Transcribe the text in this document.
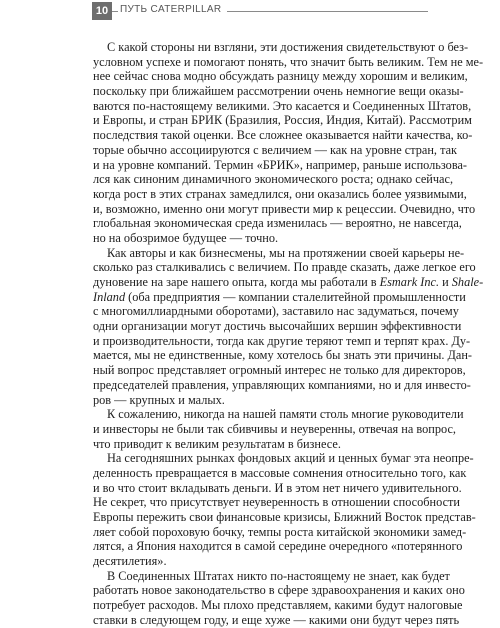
10	ПУТЬ CATERPILLAR
С какой стороны ни взгляни, эти достижения свидетельствуют о без-
условном успехе и помогают понять, что значит быть великим. Тем не ме-
нее сейчас снова модно обсуждать разницу между хорошим и великим,
поскольку при ближайшем рассмотрении очень немногие вещи оказы-
ваются по-настоящему великими. Это касается и Соединенных Штатов,
и Европы, и стран БРИК (Бразилия, Россия, Индия, Китай). Рассмотрим
последствия такой оценки. Все сложнее оказывается найти качества, ко-
торые обычно ассоциируются с величием — как на уровне стран, так
и на уровне компаний. Термин «БРИК», например, раньше использова-
лся как синоним динамичного экономического роста; однако сейчас,
когда рост в этих странах замедлился, они оказались более уязвимыми,
и, возможно, именно они могут привести мир к рецессии. Очевидно, что
глобальная экономическая среда изменилась — вероятно, не навсегда,
но на обозримое будущее — точно.
Как авторы и как бизнесмены, мы на протяжении своей карьеры не-
сколько раз сталкивались с величием. По правде сказать, даже легкое его
дуновение на заре нашего опыта, когда мы работали в Esmark Inc. и Shale-
Inland (оба предприятия — компании сталелитейной промышленности
с многомиллиардными оборотами), заставило нас задуматься, почему
одни организации могут достичь высочайших вершин эффективности
и производительности, тогда как другие теряют темп и терпят крах. Ду-
мается, мы не единственные, кому хотелось бы знать эти причины. Дан-
ный вопрос представляет огромный интерес не только для директоров,
председателей правления, управляющих компаниями, но и для инвесто-
ров — крупных и малых.
К сожалению, никогда на нашей памяти столь многие руководители
и инвесторы не были так сбивчивы и неуверенны, отвечая на вопрос,
что приводит к великим результатам в бизнесе.
На сегодняшних рынках фондовых акций и ценных бумаг эта неопре-
деленность превращается в массовые сомнения относительно того, как
и во что стоит вкладывать деньги. И в этом нет ничего удивительного.
Не секрет, что присутствует неуверенность в отношении способности
Европы пережить свои финансовые кризисы, Ближний Восток представ-
ляет собой пороховую бочку, темпы роста китайской экономики замед-
лятся, а Япония находится в самой середине очередного «потерянного
десятилетия».
В Соединенных Штатах никто по-настоящему не знает, как будет
работать новое законодательство в сфере здравоохранения и каких оно
потребует расходов. Мы плохо представляем, какими будут налоговые
ставки в следующем году, и еще хуже — какими они будут через пять
